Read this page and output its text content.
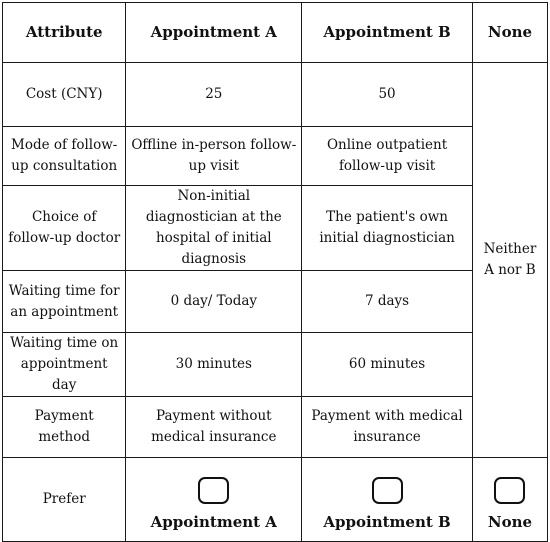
Attribute	Appointment A	Appointment B	None
Cost (CNY)	25	50	Neither A nor B
Mode of follow-up consultation	Offline in-person follow-up visit	Online outpatient follow-up visit	
Choice of follow-up doctor	Non-initial diagnostician at the hospital of initial diagnosis	The patient's own initial diagnostician	
Waiting time for an appointment	0 day/ Today	7 days	
Waiting time on appointment day	30 minutes	60 minutes	
Payment method	Payment without medical insurance	Payment with medical insurance	
Prefer	Appointment A	Appointment B	None
